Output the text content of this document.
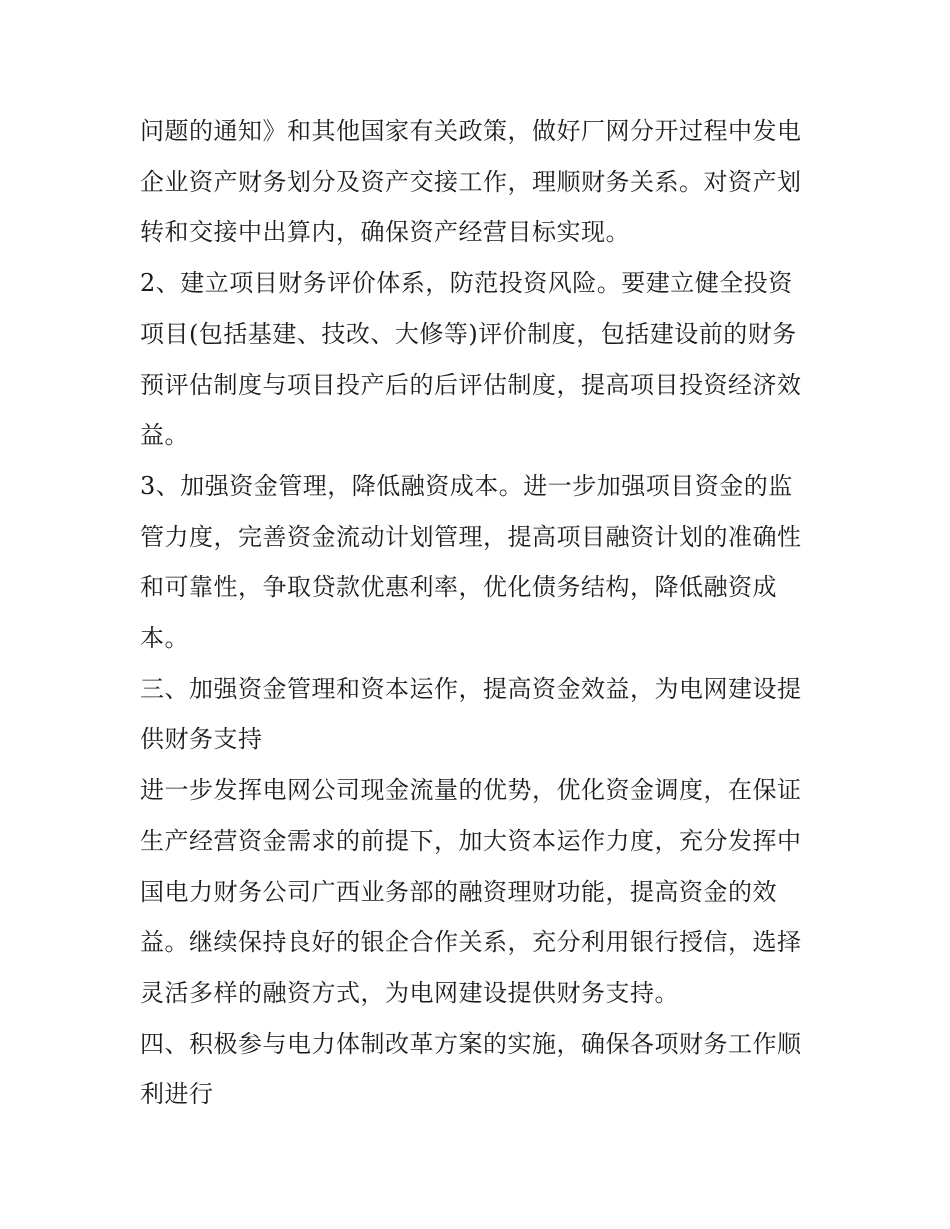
问题的通知》和其他国家有关政策，做好厂网分开过程中发电企业资产财务划分及资产交接工作，理顺财务关系。对资产划转和交接中出算内，确保资产经营目标实现。

2、建立项目财务评价体系，防范投资风险。要建立健全投资项目(包括基建、技改、大修等)评价制度，包括建设前的财务预评估制度与项目投产后的后评估制度，提高项目投资经济效益。

3、加强资金管理，降低融资成本。进一步加强项目资金的监管力度，完善资金流动计划管理，提高项目融资计划的准确性和可靠性，争取贷款优惠利率，优化债务结构，降低融资成本。

三、加强资金管理和资本运作，提高资金效益，为电网建设提供财务支持

进一步发挥电网公司现金流量的优势，优化资金调度，在保证生产经营资金需求的前提下，加大资本运作力度，充分发挥中国电力财务公司广西业务部的融资理财功能，提高资金的效益。继续保持良好的银企合作关系，充分利用银行授信，选择灵活多样的融资方式，为电网建设提供财务支持。

四、积极参与电力体制改革方案的实施，确保各项财务工作顺利进行
